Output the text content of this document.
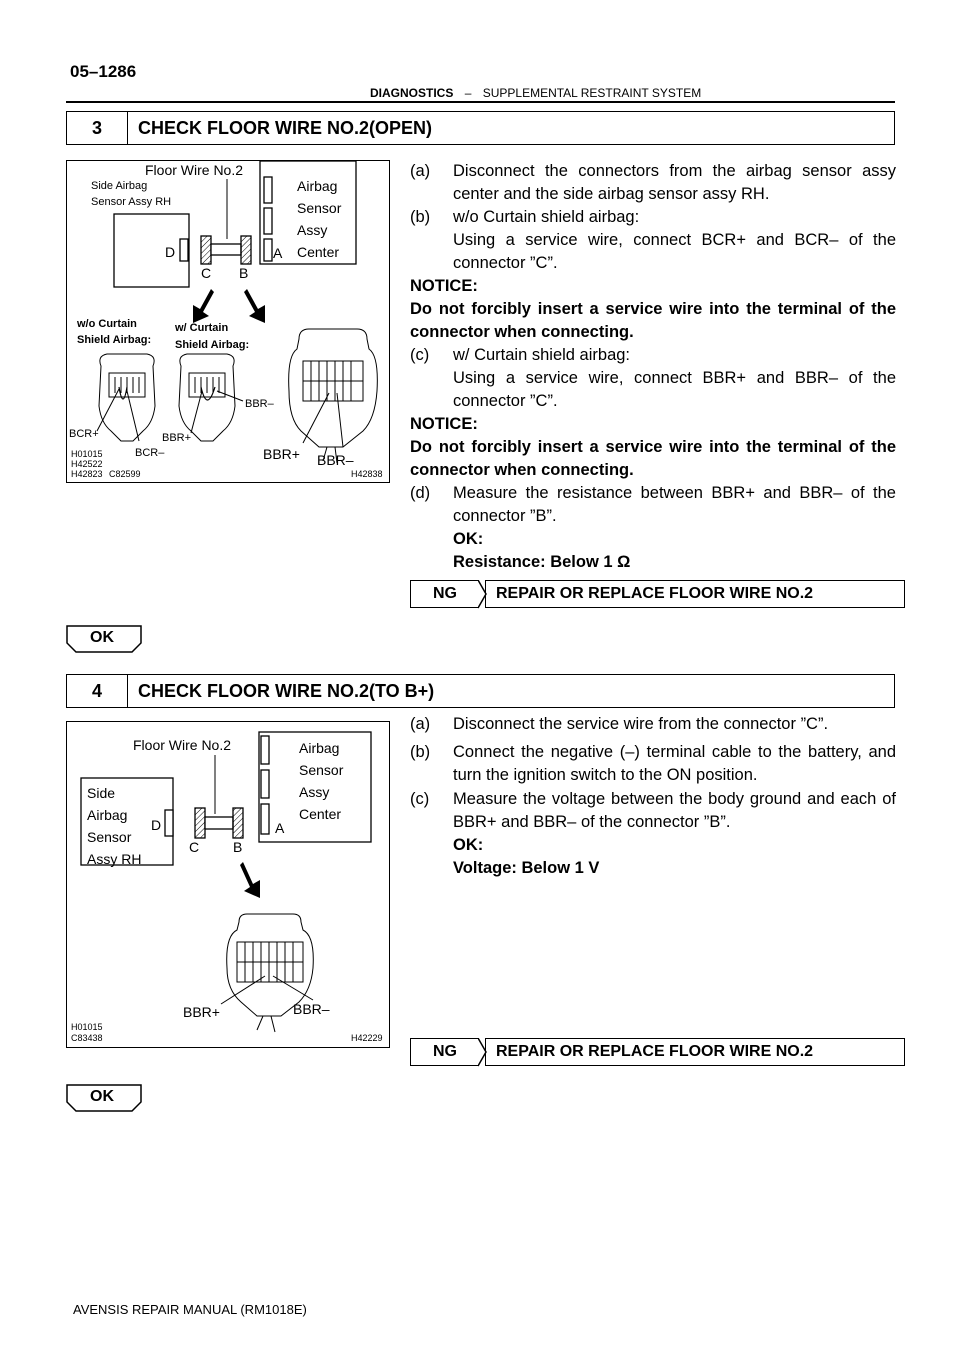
05–1286
DIAGNOSTICS – SUPPLEMENTAL RESTRAINT SYSTEM
3	CHECK FLOOR WIRE NO.2(OPEN)
Airbag
Sensor
Assy
Center
Side Airbag
Sensor Assy RH
Floor Wire No.2
D
C B
A
w/o Curtain
Shield Airbag:
w/ Curtain
Shield Airbag:
BCR+
BCR–
BBR–
BBR+
BBR+ BBR–
H01015
H42522
H42823 C82599	H42838
(a) Disconnect the connectors from the airbag sensor assy center and the side airbag sensor assy RH.
(b) w/o Curtain shield airbag:
Using a service wire, connect BCR+ and BCR– of the connector ”C”.
NOTICE:
Do not forcibly insert a service wire into the terminal of the connector when connecting.
(c) w/ Curtain shield airbag:
Using a service wire, connect BBR+ and BBR– of the connector ”C”.
NOTICE:
Do not forcibly insert a service wire into the terminal of the connector when connecting.
(d) Measure the resistance between BBR+ and BBR– of the connector ”B”.
OK:
Resistance: Below 1 Ω
NG	REPAIR OR REPLACE FLOOR WIRE NO.2
OK
4	CHECK FLOOR WIRE NO.2(TO B+)
Airbag
Sensor
Assy
Center
A
Side
Airbag
Sensor
Assy RH
D
Floor Wire No.2
C B
BBR+	BBR–
H01015
C83438	H42229
(a) Disconnect the service wire from the connector ”C”.
(b) Connect the negative (–) terminal cable to the battery, and turn the ignition switch to the ON position.
(c) Measure the voltage between the body ground and each of BBR+ and BBR– of the connector ”B”.
OK:
Voltage: Below 1 V
NG	REPAIR OR REPLACE FLOOR WIRE NO.2
OK
AVENSIS REPAIR MANUAL (RM1018E)
